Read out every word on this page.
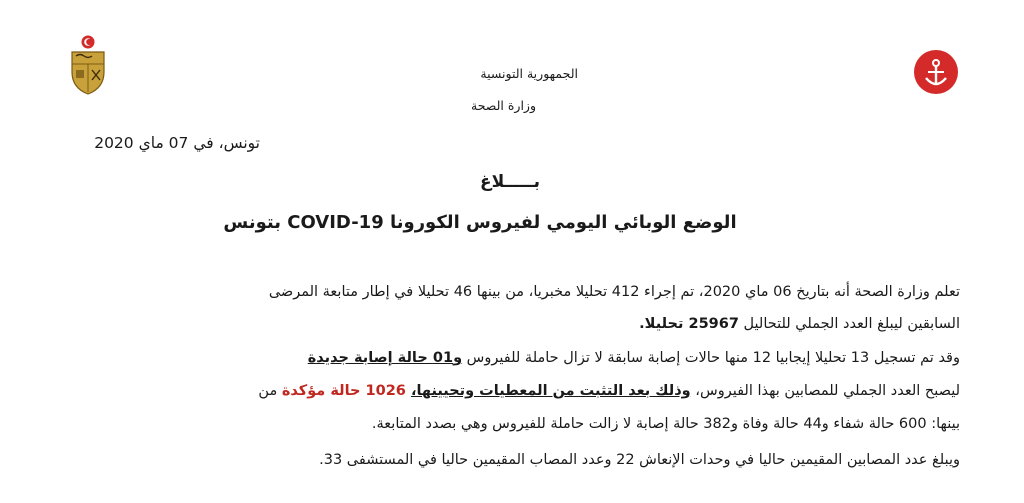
الجمهورية التونسية
وزارة الصحة
تونس، في 07 ماي 2020
بـــــلاغ
الوضع الوبائي اليومي لفيروس الكورونا COVID-19 بتونس
تعلم وزارة الصحة أنه بتاريخ 06 ماي 2020، تم إجراء 412 تحليلا مخبريا، من بينها 46 تحليلا في إطار متابعة المرضى
السابقين ليبلغ العدد الجملي للتحاليل 25967 تحليلا.
وقد تم تسجيل 13 تحليلا إيجابيا 12 منها حالات إصابة سابقة لا تزال حاملة للفيروس و01 حالة إصابة جديدة
ليصبح العدد الجملي للمصابين بهذا الفيروس، وذلك بعد التثبت من المعطيات وتحيينها، 1026 حالة مؤكدة من
بينها: 600 حالة شفاء و44 حالة وفاة و382 حالة إصابة لا زالت حاملة للفيروس وهي بصدد المتابعة.
ويبلغ عدد المصابين المقيمين حاليا في وحدات الإنعاش 22 وعدد المصاب المقيمين حاليا في المستشفى 33.
